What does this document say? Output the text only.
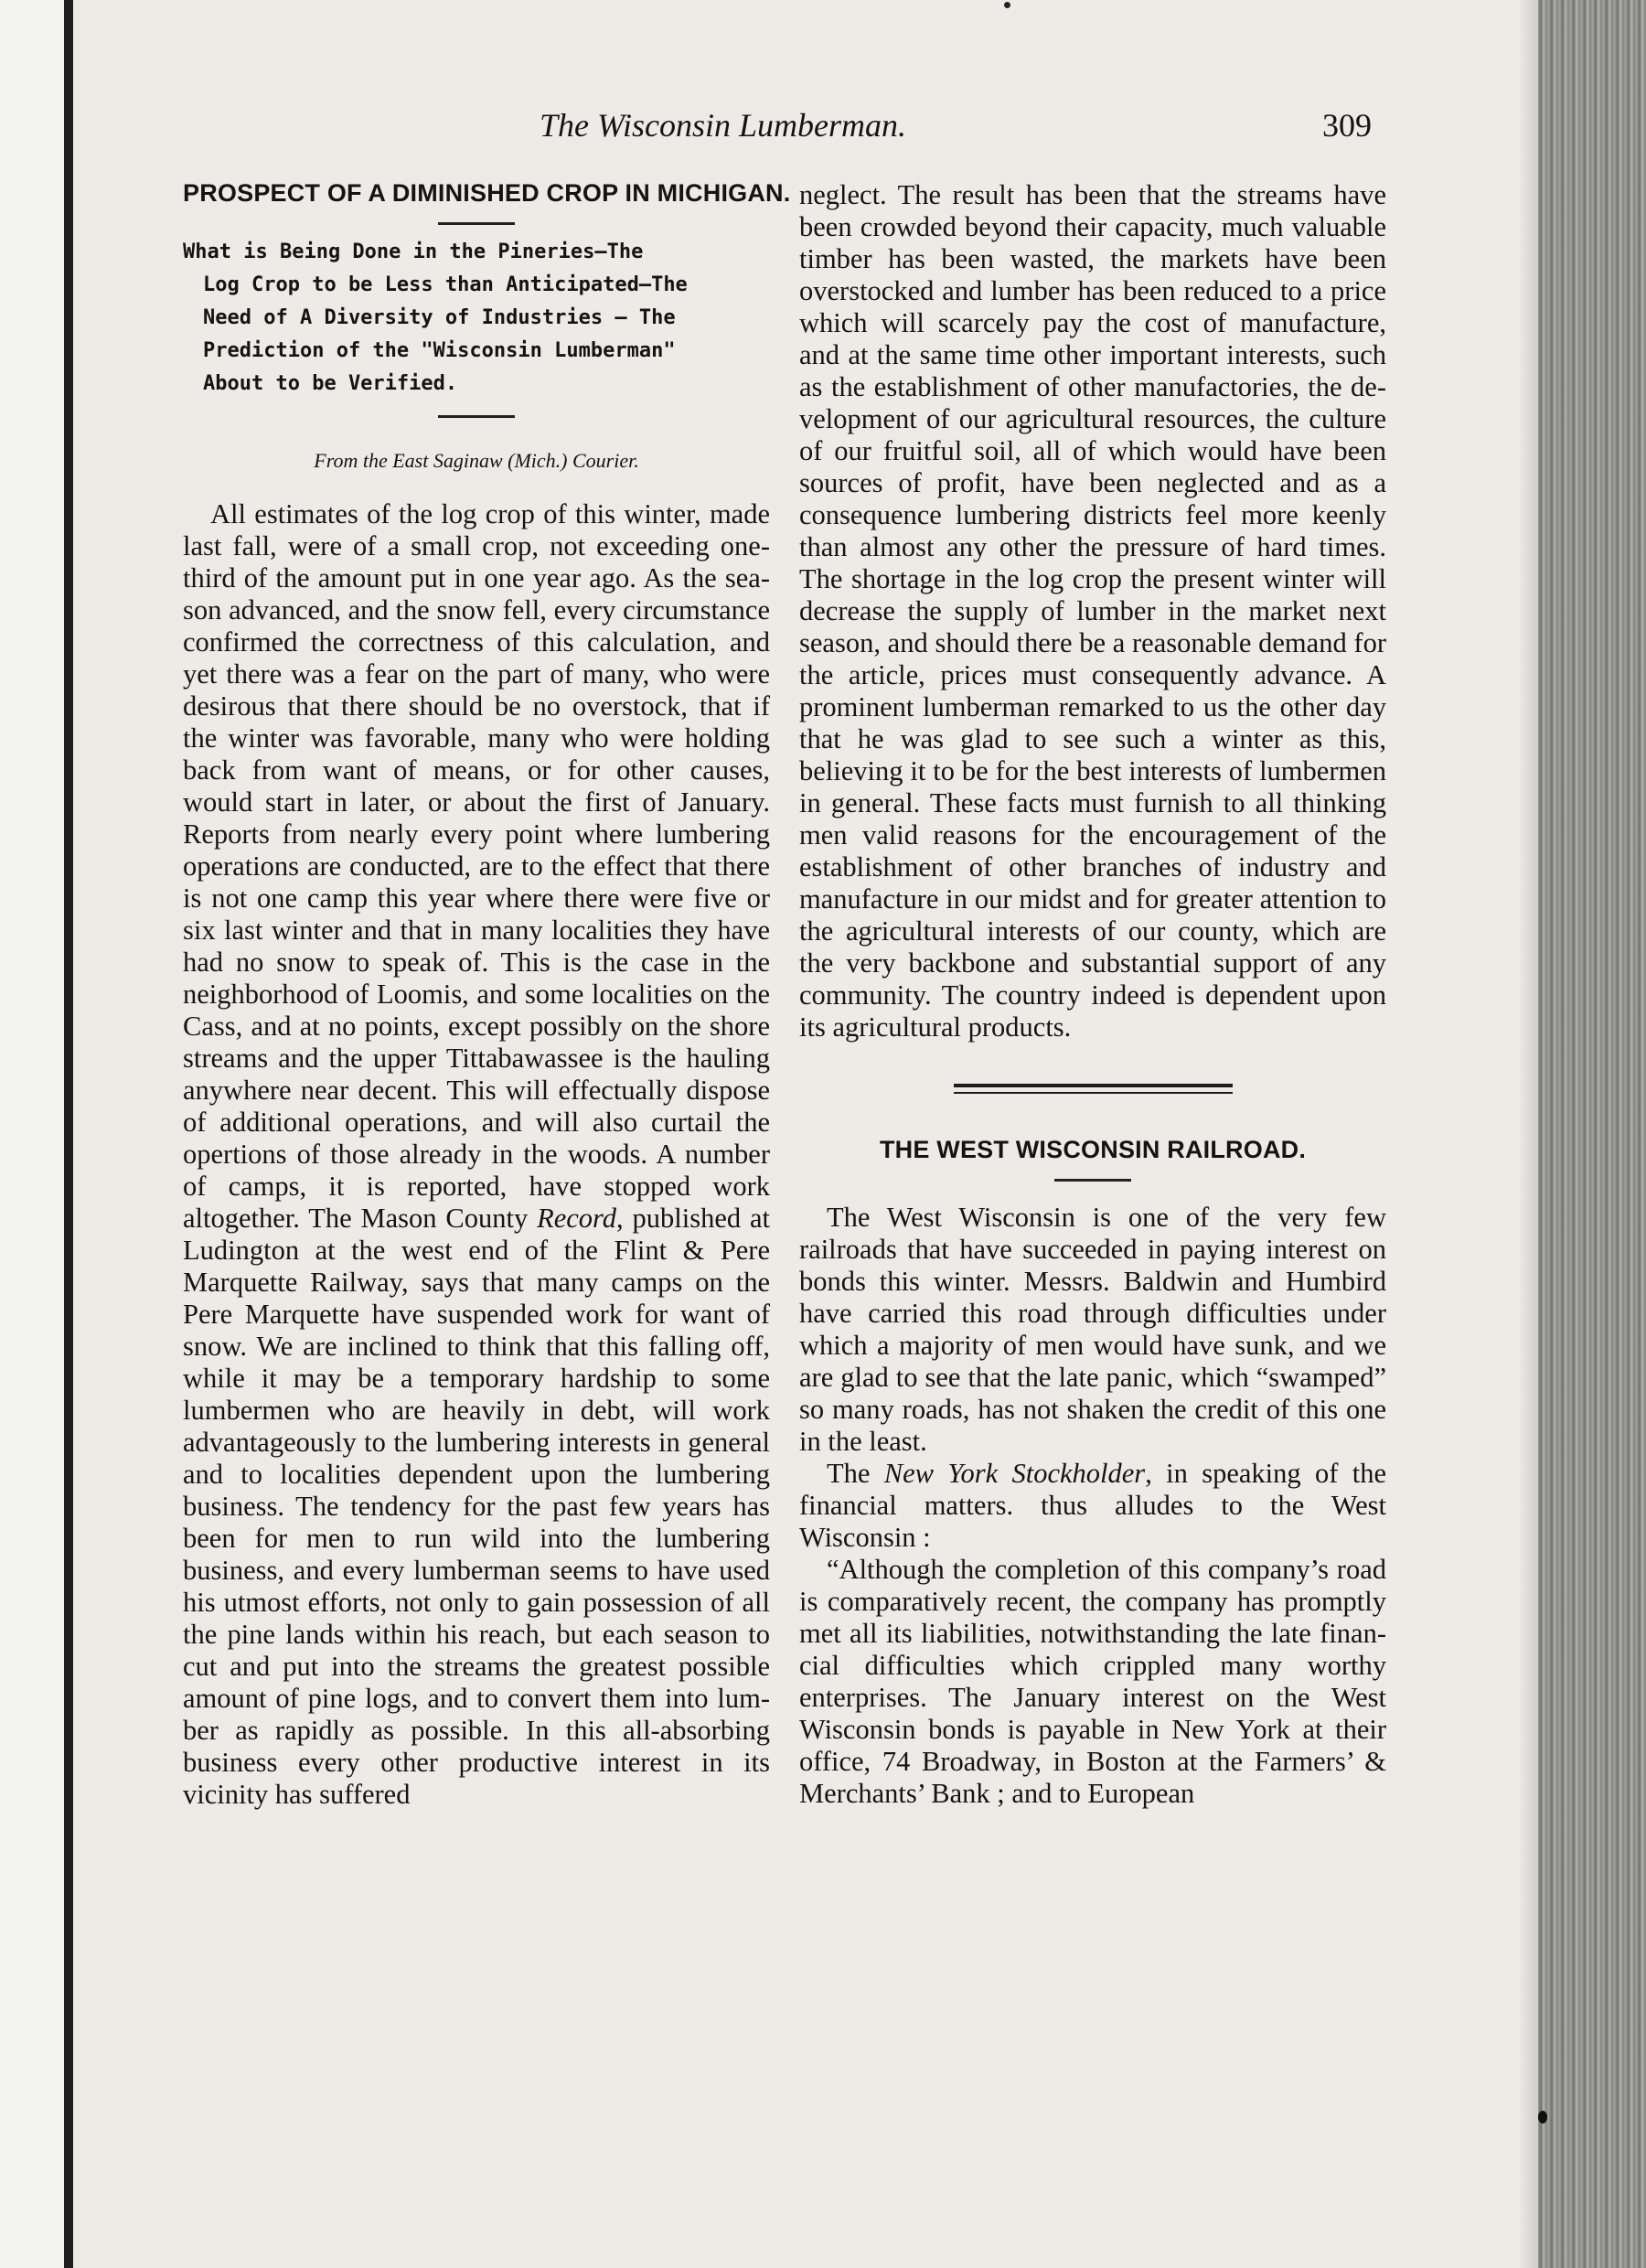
The Wisconsin Lumberman.	309
PROSPECT OF A DIMINISHED CROP IN MICHIGAN.
What is Being Done in the Pineries—The
Log Crop to be Less than Anticipated—The
Need of A Diversity of Industries — The
Prediction of the "Wisconsin Lumberman"
About to be Verified.

From the East Saginaw (Mich.) Courier.

All estimates of the log crop of this winter, made last fall, were of a small crop, not exceeding one-third of the amount put in one year ago. As the season advanced, and the snow fell, every circumstance confirmed the correctness of this calculation, and yet there was a fear on the part of many, who were desirous that there should be no overstock, that if the winter was favorable, many who were holding back from want of means, or for other causes, would start in later, or about the first of January. Reports from nearly every point where lumbering operations are conducted, are to the effect that there is not one camp this year where there were five or six last winter and that in many localities they have had no snow to speak of. This is the case in the neighborhood of Loomis, and some localities on the Cass, and at no points, except possibly on the shore streams and the upper Tittabawassee is the hauling anywhere near decent. This will effectually dispose of additional operations, and will also curtail the opertions of those already in the woods. A number of camps, it is reported, have stopped work altogether. The Mason County Record, published at Ludington at the west end of the Flint & Pere Marquette Railway, says that many camps on the Pere Marquette have suspended work for want of snow. We are inclined to think that this falling off, while it may be a temporary hardship to some lumbermen who are heavily in debt, will work advantageously to the lumbering interests in general and to localities dependent upon the lumbering business. The tendency for the past few years has been for men to run wild into the lumbering business, and every lumberman seems to have used his utmost efforts, not only to gain possession of all the pine lands within his reach, but each season to cut and put into the streams the greatest possible amount of pine logs, and to convert them into lumber as rapidly as possible. In this all-absorbing business every other productive interest in its vicinity has suffered

neglect. The result has been that the streams have been crowded beyond their capacity, much valuable timber has been wasted, the markets have been overstocked and lumber has been reduced to a price which will scarcely pay the cost of manufacture, and at the same time other important interests, such as the establishment of other manufactories, the development of our agricultural resources, the culture of our fruitful soil, all of which would have been sources of profit, have been neglected and as a consequence lumbering districts feel more keenly than almost any other the pressure of hard times. The shortage in the log crop the present winter will decrease the supply of lumber in the market next season, and should there be a reasonable demand for the article, prices must consequently advance. A prominent lumberman remarked to us the other day that he was glad to see such a winter as this, believing it to be for the best interests of lumbermen in general. These facts must furnish to all thinking men valid reasons for the encouragement of the establishment of other branches of industry and manufacture in our midst and for greater attention to the agricultural interests of our county, which are the very backbone and substantial support of any community. The country indeed is dependent upon its agricultural products.

THE WEST WISCONSIN RAILROAD.

The West Wisconsin is one of the very few railroads that have succeeded in paying interest on bonds this winter. Messrs. Baldwin and Humbird have carried this road through difficulties under which a majority of men would have sunk, and we are glad to see that the late panic, which “swamped” so many roads, has not shaken the credit of this one in the least.

The New York Stockholder, in speaking of the financial matters. thus alludes to the West Wisconsin :

“Although the completion of this company’s road is comparatively recent, the company has promptly met all its liabilities, notwithstanding the late financial difficulties which crippled many worthy enterprises. The January interest on the West Wisconsin bonds is payable in New York at their office, 74 Broadway, in Boston at the Farmers’ & Merchants’ Bank ; and to European
